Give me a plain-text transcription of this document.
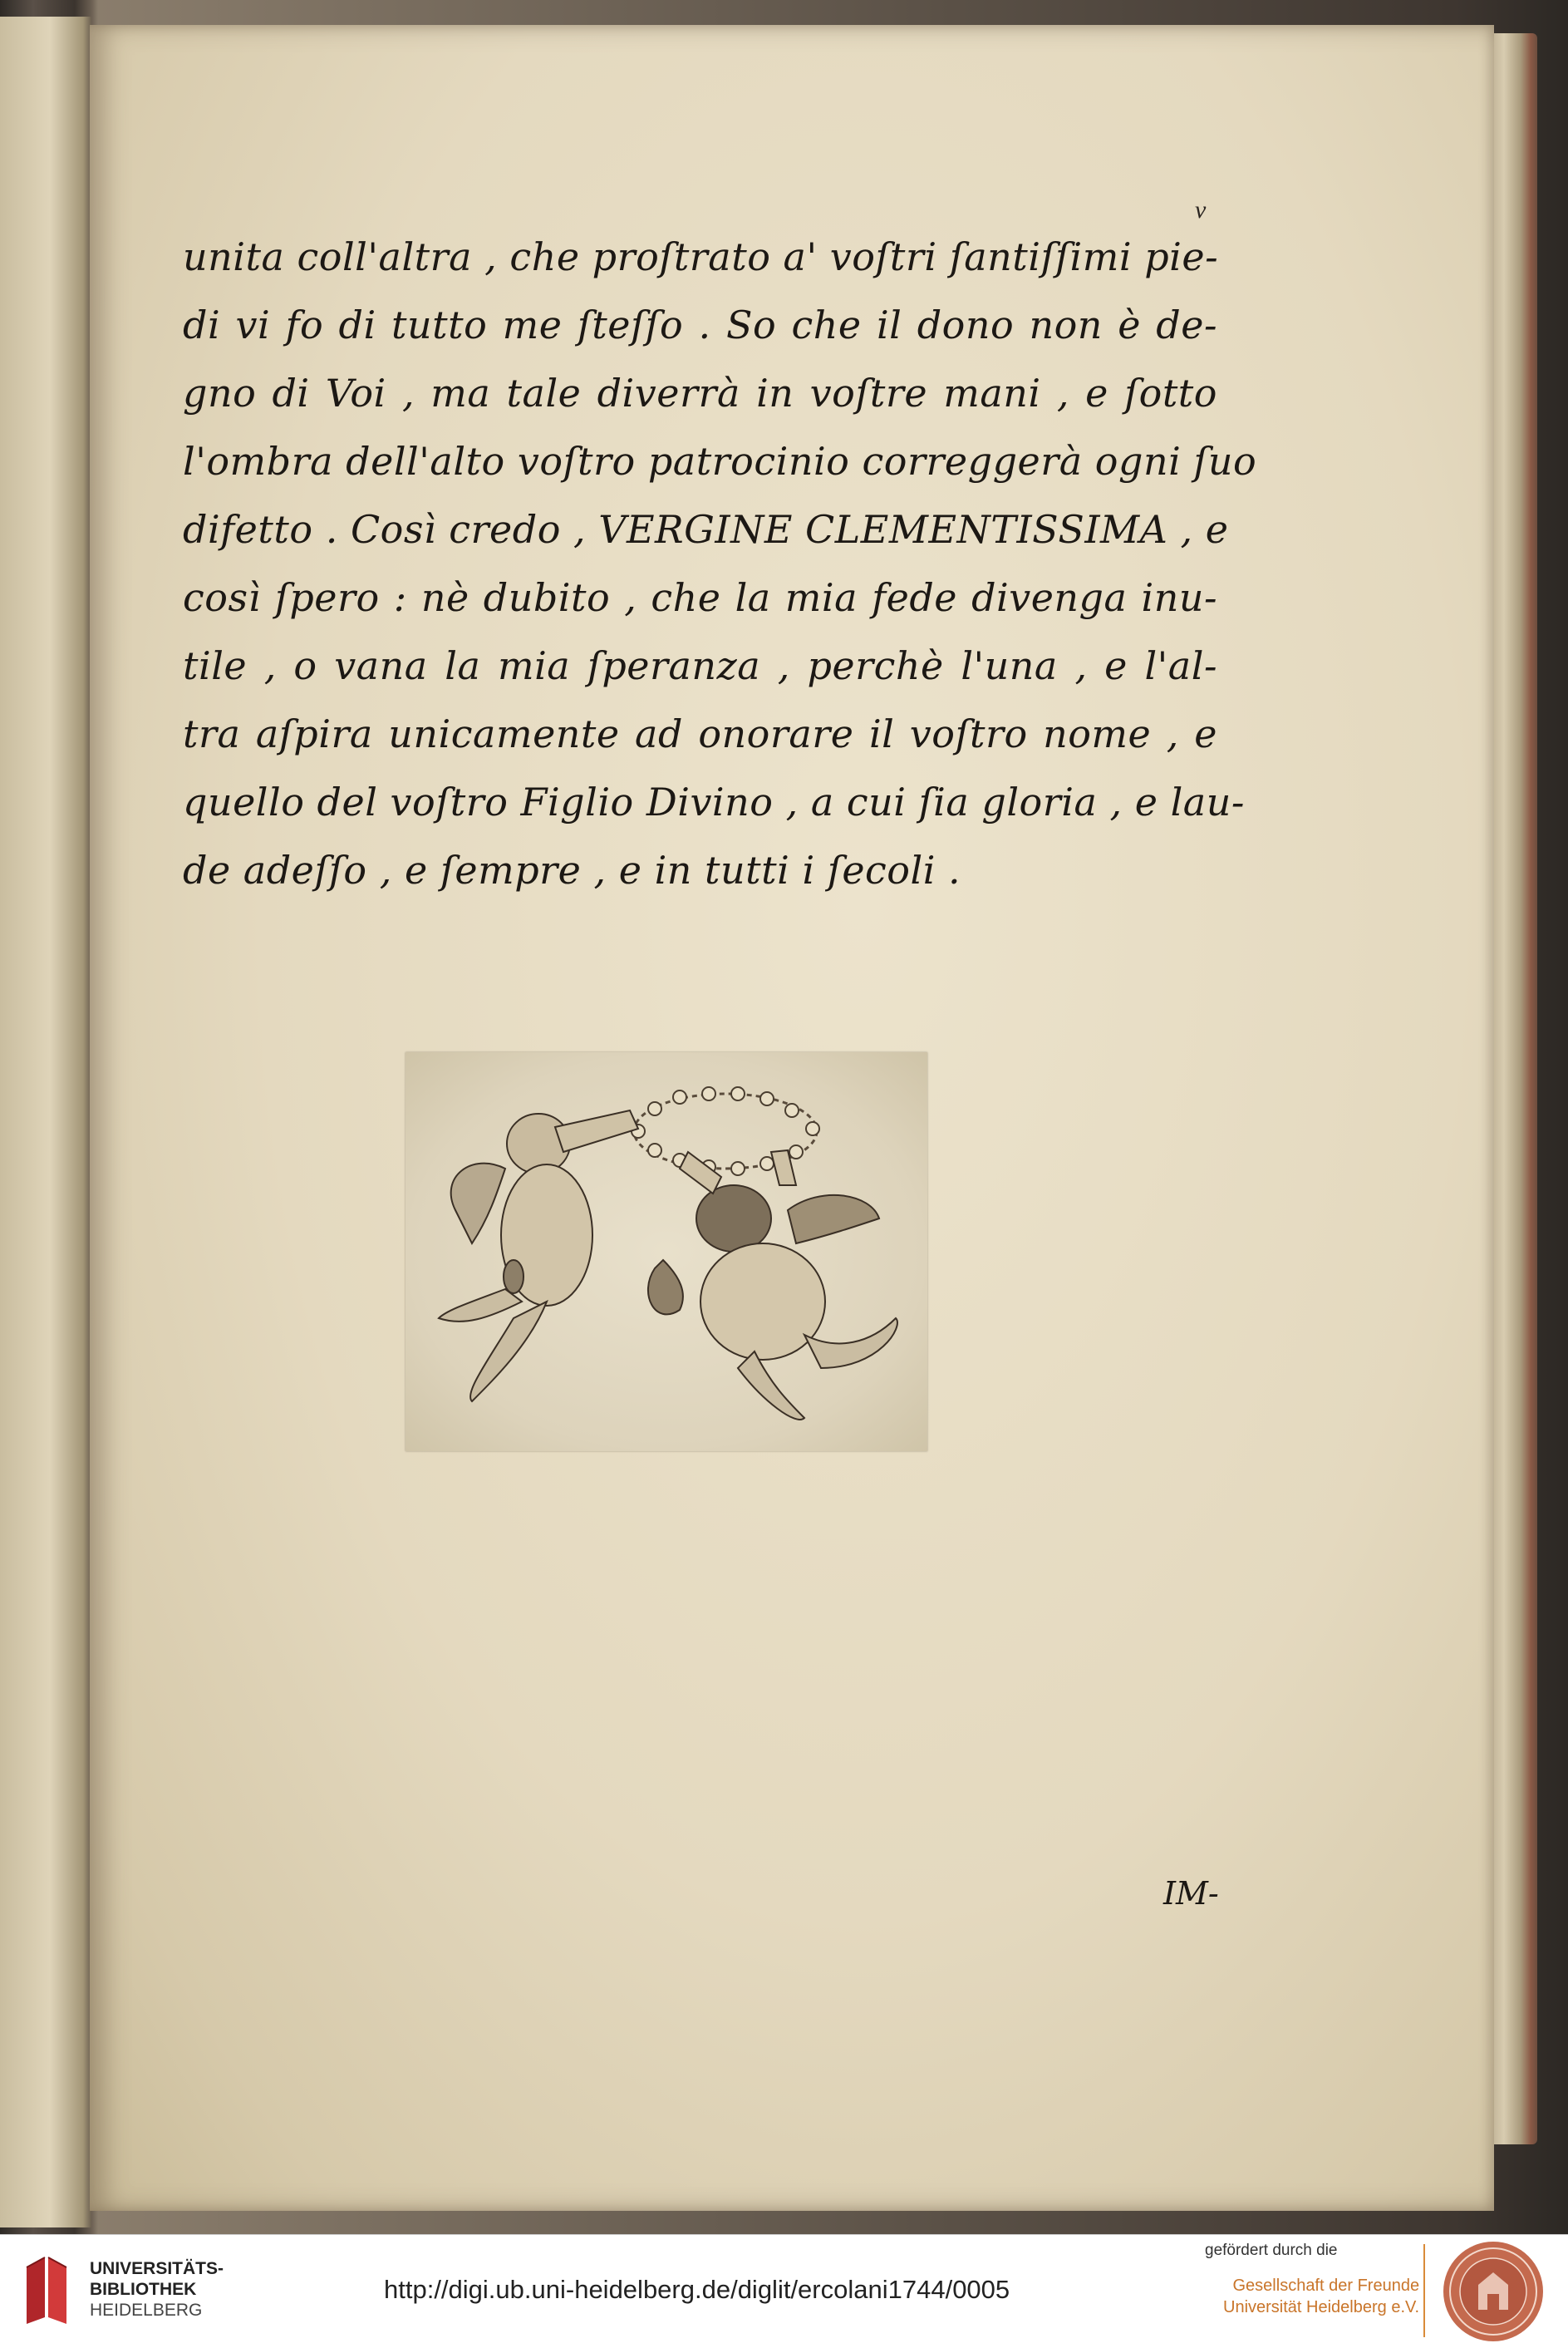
v
unita coll'altra , che proſtrato a' voſtri ſantiſſimi pie-
di vi fo di tutto me ſteſſo . So che il dono non è de-
gno di Voi , ma tale diverrà in voſtre mani , e ſotto
l'ombra dell'alto voſtro patrocinio correggerà ogni ſuo
difetto . Così credo , VERGINE CLEMENTISSIMA , e
così ſpero : nè dubito , che la mia fede divenga inu-
tile , o vana la mia ſperanza , perchè l'una , e l'al-
tra aſpira unicamente ad onorare il voſtro nome , e
quello del voſtro Figlio Divino , a cui ſia gloria , e lau-
de adeſſo , e ſempre , e in tutti i ſecoli .
IM-
UNIVERSITÄTS-
BIBLIOTHEK
HEIDELBERG
http://digi.ub.uni-heidelberg.de/diglit/ercolani1744/0005
gefördert durch die
Gesellschaft der Freunde
Universität Heidelberg e.V.
